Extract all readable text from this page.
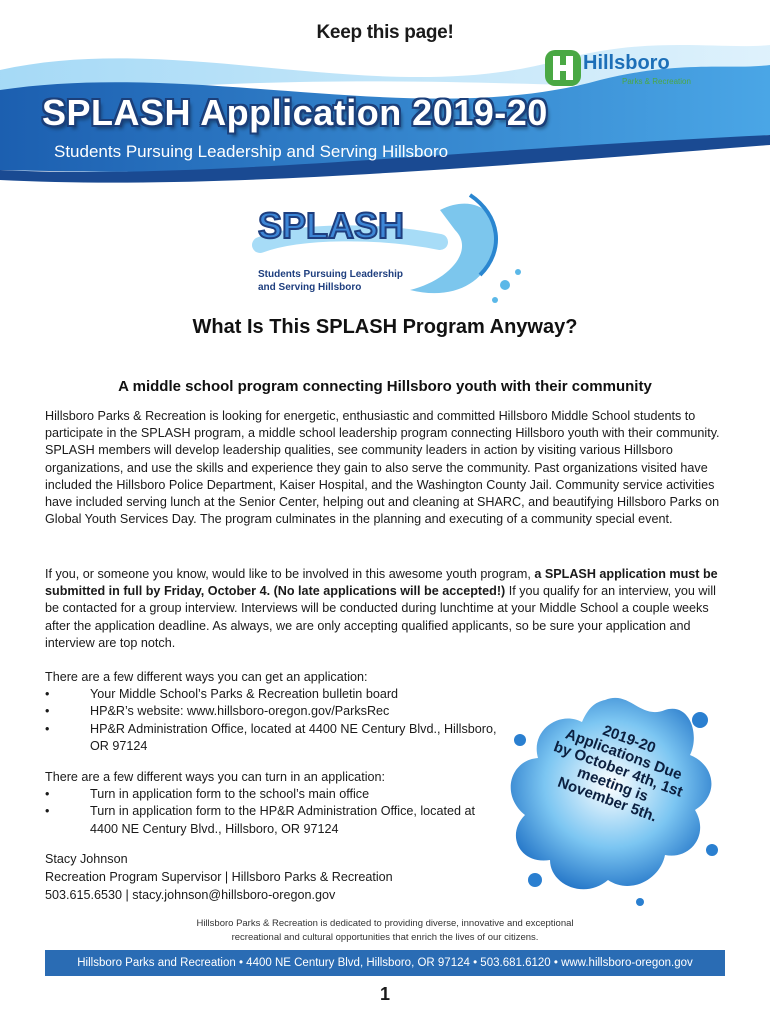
Keep this page!
Hillsboro
Parks & Recreation
SPLASH Application 2019-20
Students Pursuing Leadership and Serving Hillsboro
SPLASH
Students Pursuing Leadership and Serving Hillsboro
What Is This SPLASH Program Anyway?
A middle school program connecting Hillsboro youth with their community
Hillsboro Parks & Recreation is looking for energetic, enthusiastic and committed Hillsboro Middle School students to participate in the SPLASH program, a middle school leadership program connecting Hillsboro youth with their community. SPLASH members will develop leadership qualities, see community leaders in action by visiting various Hillsboro organizations, and use the skills and experience they gain to also serve the community. Past organizations visited have included the Hillsboro Police Department, Kaiser Hospital, and the Washington County Jail. Community service activities have included serving lunch at the Senior Center, helping out and cleaning at SHARC, and beautifying Hillsboro Parks on Global Youth Services Day. The program culminates in the planning and executing of a community special event.
If you, or someone you know, would like to be involved in this awesome youth program, a SPLASH application must be submitted in full by Friday, October 4. (No late applications will be accepted!) If you qualify for an interview, you will be contacted for a group interview. Interviews will be conducted during lunchtime at your Middle School a couple weeks after the application deadline. As always, we are only accepting qualified applicants, so be sure your application and interview are top notch.
There are a few different ways you can get an application:
• Your Middle School’s Parks & Recreation bulletin board
• HP&R’s website: www.hillsboro-oregon.gov/ParksRec
• HP&R Administration Office, located at 4400 NE Century Blvd., Hillsboro, OR 97124
There are a few different ways you can turn in an application:
• Turn in application form to the school’s main office
• Turn in application form to the HP&R Administration Office, located at 4400 NE Century Blvd., Hillsboro, OR 97124
Stacy Johnson
Recreation Program Supervisor | Hillsboro Parks & Recreation
503.615.6530 | stacy.johnson@hillsboro-oregon.gov
2019-20 Applications Due by October 4th, 1st meeting is November 5th.
Hillsboro Parks & Recreation is dedicated to providing diverse, innovative and exceptional
recreational and cultural opportunities that enrich the lives of our citizens.
Hillsboro Parks and Recreation • 4400 NE Century Blvd, Hillsboro, OR 97124 • 503.681.6120 • www.hillsboro-oregon.gov
1
